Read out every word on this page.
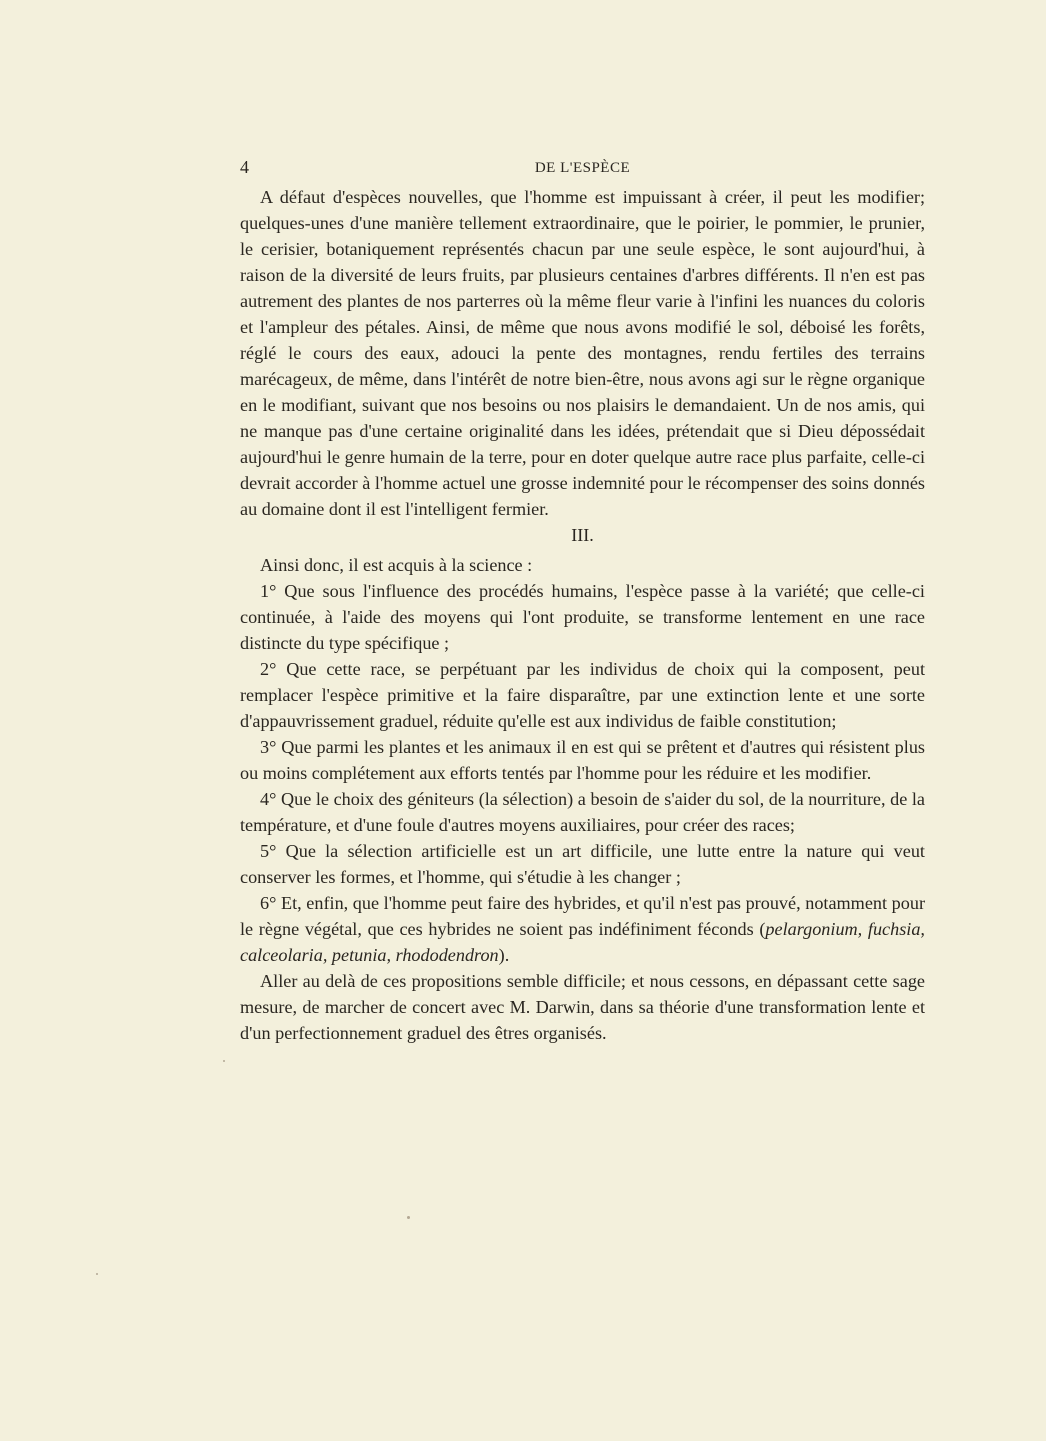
4	DE L'ESPÈCE

A défaut d'espèces nouvelles, que l'homme est impuissant à créer, il peut les modifier; quelques-unes d'une manière tellement extraordinaire, que le poirier, le pommier, le prunier, le cerisier, botaniquement représentés chacun par une seule espèce, le sont aujourd'hui, à raison de la diversité de leurs fruits, par plusieurs centaines d'arbres différents. Il n'en est pas autrement des plantes de nos parterres où la même fleur varie à l'infini les nuances du coloris et l'ampleur des pétales. Ainsi, de même que nous avons modifié le sol, déboisé les forêts, réglé le cours des eaux, adouci la pente des montagnes, rendu fertiles des terrains marécageux, de même, dans l'intérêt de notre bien-être, nous avons agi sur le règne organique en le modifiant, suivant que nos besoins ou nos plaisirs le demandaient. Un de nos amis, qui ne manque pas d'une certaine originalité dans les idées, prétendait que si Dieu dépossédait aujourd'hui le genre humain de la terre, pour en doter quelque autre race plus parfaite, celle-ci devrait accorder à l'homme actuel une grosse indemnité pour le récompenser des soins donnés au domaine dont il est l'intelligent fermier.

III.

Ainsi donc, il est acquis à la science :

1° Que sous l'influence des procédés humains, l'espèce passe à la variété; que celle-ci continuée, à l'aide des moyens qui l'ont produite, se transforme lentement en une race distincte du type spécifique ;

2° Que cette race, se perpétuant par les individus de choix qui la composent, peut remplacer l'espèce primitive et la faire disparaître, par une extinction lente et une sorte d'appauvrissement graduel, réduite qu'elle est aux individus de faible constitution;

3° Que parmi les plantes et les animaux il en est qui se prêtent et d'autres qui résistent plus ou moins complétement aux efforts tentés par l'homme pour les réduire et les modifier.

4° Que le choix des géniteurs (la sélection) a besoin de s'aider du sol, de la nourriture, de la température, et d'une foule d'autres moyens auxiliaires, pour créer des races;

5° Que la sélection artificielle est un art difficile, une lutte entre la nature qui veut conserver les formes, et l'homme, qui s'étudie à les changer ;

6° Et, enfin, que l'homme peut faire des hybrides, et qu'il n'est pas prouvé, notamment pour le règne végétal, que ces hybrides ne soient pas indéfiniment féconds (pelargonium, fuchsia, calceolaria, petunia, rhododendron).

Aller au delà de ces propositions semble difficile; et nous cessons, en dépassant cette sage mesure, de marcher de concert avec M. Darwin, dans sa théorie d'une transformation lente et d'un perfectionnement graduel des êtres organisés.
